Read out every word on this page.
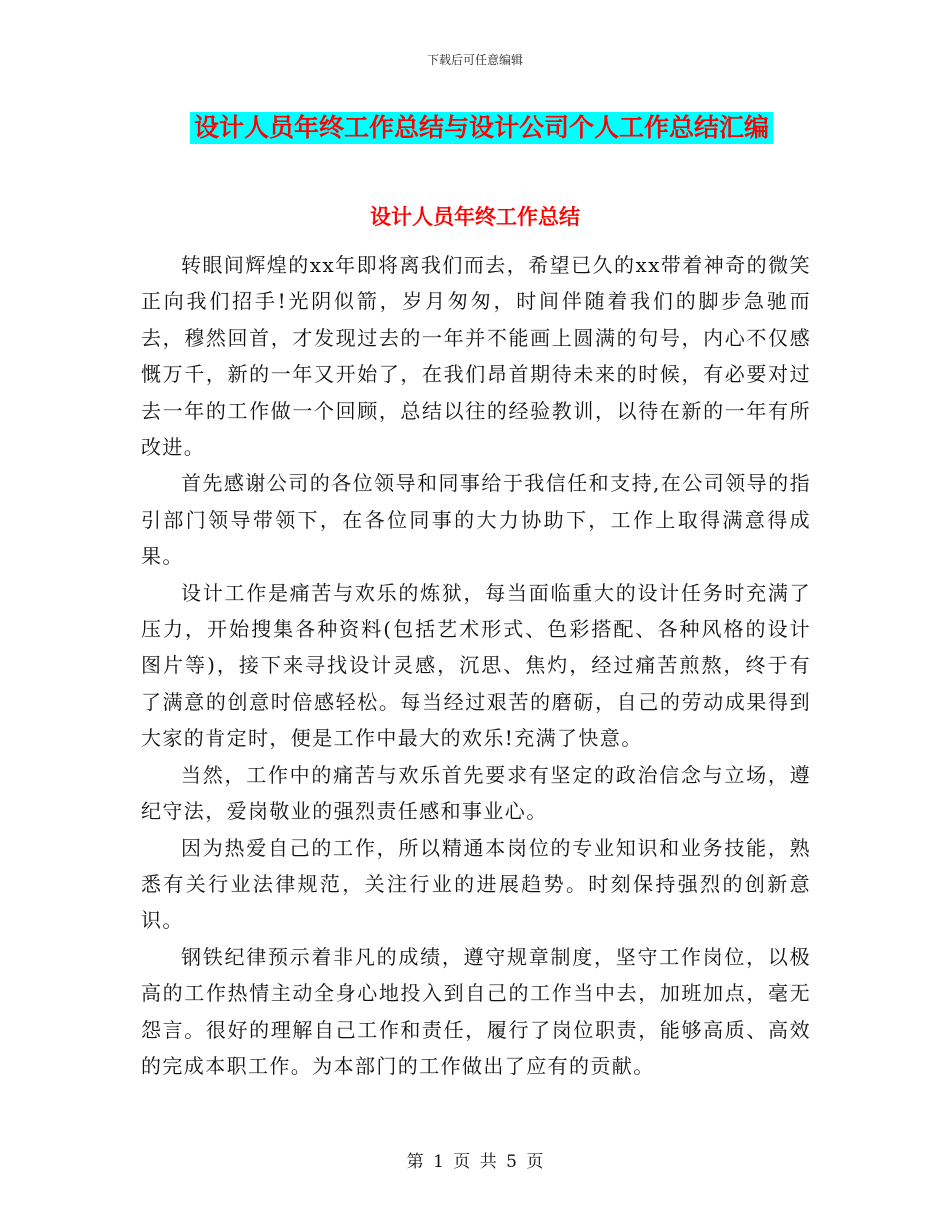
下载后可任意编辑
设计人员年终工作总结与设计公司个人工作总结汇编
设计人员年终工作总结

转眼间辉煌的xx年即将离我们而去，希望已久的xx带着神奇的微笑正向我们招手!光阴似箭，岁月匆匆，时间伴随着我们的脚步急驰而去，穆然回首，才发现过去的一年并不能画上圆满的句号，内心不仅感慨万千，新的一年又开始了，在我们昂首期待未来的时候，有必要对过去一年的工作做一个回顾，总结以往的经验教训，以待在新的一年有所改进。

首先感谢公司的各位领导和同事给于我信任和支持,在公司领导的指引部门领导带领下，在各位同事的大力协助下，工作上取得满意得成果。

设计工作是痛苦与欢乐的炼狱，每当面临重大的设计任务时充满了压力，开始搜集各种资料(包括艺术形式、色彩搭配、各种风格的设计图片等)，接下来寻找设计灵感，沉思、焦灼，经过痛苦煎熬，终于有了满意的创意时倍感轻松。每当经过艰苦的磨砺，自己的劳动成果得到大家的肯定时，便是工作中最大的欢乐!充满了快意。

当然，工作中的痛苦与欢乐首先要求有坚定的政治信念与立场，遵纪守法，爱岗敬业的强烈责任感和事业心。

因为热爱自己的工作，所以精通本岗位的专业知识和业务技能，熟悉有关行业法律规范，关注行业的进展趋势。时刻保持强烈的创新意识。

钢铁纪律预示着非凡的成绩，遵守规章制度，坚守工作岗位，以极高的工作热情主动全身心地投入到自己的工作当中去，加班加点，毫无怨言。很好的理解自己工作和责任，履行了岗位职责，能够高质、高效的完成本职工作。为本部门的工作做出了应有的贡献。

第 1 页 共 5 页
